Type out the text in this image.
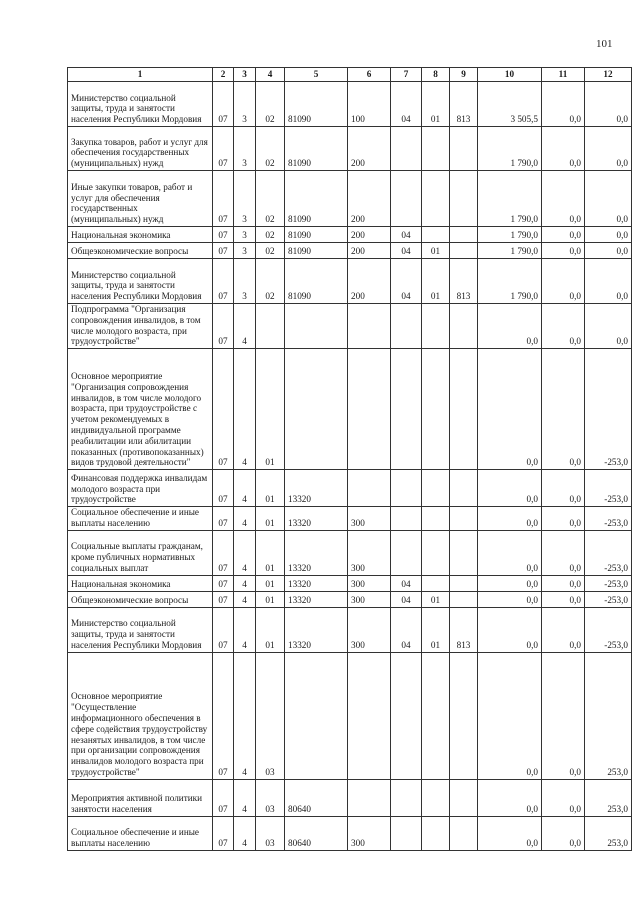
101
1	2	3	4	5	6	7	8	9	10	11	12
Министерство социальной защиты, труда и занятости населения Республики Мордовия	07	3	02	81090	100	04	01	813	3 505,5	0,0	0,0
Закупка товаров, работ и услуг для обеспечения государственных (муниципальных) нужд	07	3	02	81090	200				1 790,0	0,0	0,0
Иные закупки товаров, работ и услуг для обеспечения государственных (муниципальных) нужд	07	3	02	81090	200				1 790,0	0,0	0,0
Национальная экономика	07	3	02	81090	200	04			1 790,0	0,0	0,0
Общеэкономические вопросы	07	3	02	81090	200	04	01		1 790,0	0,0	0,0
Министерство социальной защиты, труда и занятости населения Республики Мордовия	07	3	02	81090	200	04	01	813	1 790,0	0,0	0,0
Подпрограмма "Организация сопровождения инвалидов, в том числе молодого возраста, при трудоустройстве"	07	4							0,0	0,0	0,0
Основное мероприятие "Организация сопровождения инвалидов, в том числе молодого возраста, при трудоустройстве с учетом рекомендуемых в индивидуальной программе реабилитации или абилитации показанных (противопоказанных) видов трудовой деятельности"	07	4	01						0,0	0,0	-253,0
Финансовая поддержка инвалидам молодого возраста при трудоустройстве	07	4	01	13320					0,0	0,0	-253,0
Социальное обеспечение и иные выплаты населению	07	4	01	13320	300				0,0	0,0	-253,0
Социальные выплаты гражданам, кроме публичных нормативных социальных выплат	07	4	01	13320	300				0,0	0,0	-253,0
Национальная экономика	07	4	01	13320	300	04			0,0	0,0	-253,0
Общеэкономические вопросы	07	4	01	13320	300	04	01		0,0	0,0	-253,0
Министерство социальной защиты, труда и занятости населения Республики Мордовия	07	4	01	13320	300	04	01	813	0,0	0,0	-253,0
Основное мероприятие "Осуществление информационного обеспечения в сфере содействия трудоустройству незанятых инвалидов, в том числе при организации сопровождения инвалидов молодого возраста при трудоустройстве"	07	4	03						0,0	0,0	253,0
Мероприятия активной политики занятости населения	07	4	03	80640					0,0	0,0	253,0
Социальное обеспечение и иные выплаты населению	07	4	03	80640	300				0,0	0,0	253,0
